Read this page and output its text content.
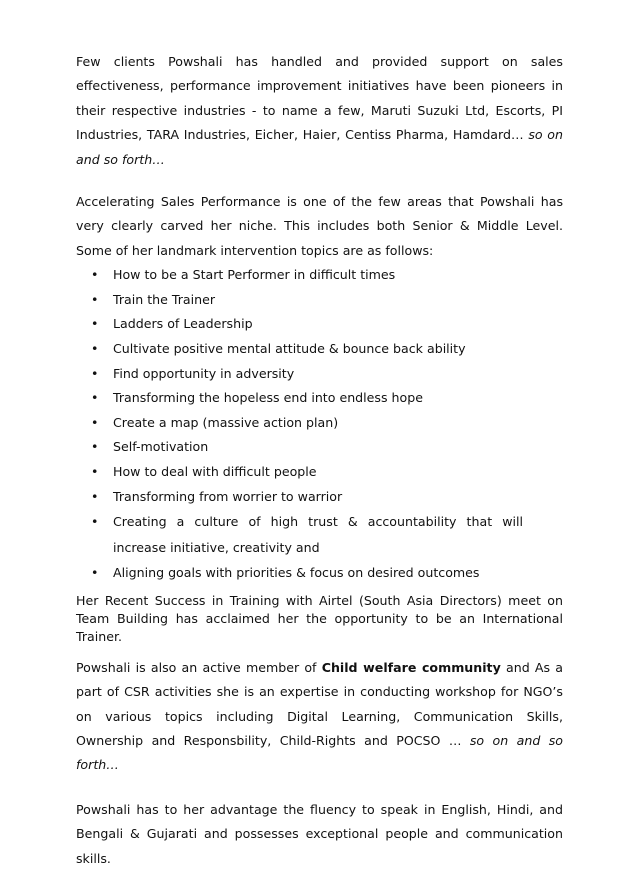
Few clients Powshali has handled and provided support on sales effectiveness, performance improvement initiatives have been pioneers in their respective industries - to name a few, Maruti Suzuki Ltd, Escorts, PI Industries, TARA Industries, Eicher, Haier, Centiss Pharma, Hamdard… so on and so forth…

Accelerating Sales Performance is one of the few areas that Powshali has very clearly carved her niche. This includes both Senior & Middle Level. Some of her landmark intervention topics are as follows:

• How to be a Start Performer in difficult times
• Train the Trainer
• Ladders of Leadership
• Cultivate positive mental attitude & bounce back ability
• Find opportunity in adversity
• Transforming the hopeless end into endless hope
• Create a map (massive action plan)
• Self-motivation
• How to deal with difficult people
• Transforming from worrier to warrior
• Creating a culture of high trust & accountability that will increase initiative, creativity and
• Aligning goals with priorities & focus on desired outcomes

Her Recent Success in Training with Airtel (South Asia Directors) meet on Team Building has acclaimed her the opportunity to be an International Trainer.

Powshali is also an active member of Child welfare community and As a part of CSR activities she is an expertise in conducting workshop for NGO’s on various topics including Digital Learning, Communication Skills, Ownership and Responsbility, Child-Rights and POCSO … so on and so forth…

Powshali has to her advantage the fluency to speak in English, Hindi, and Bengali & Gujarati and possesses exceptional people and communication skills.
